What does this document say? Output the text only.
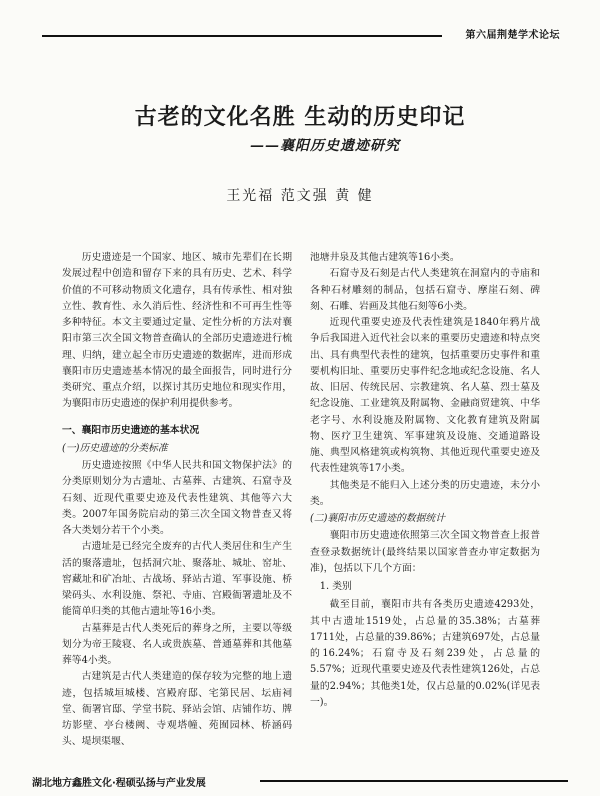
第六届荆楚学术论坛
古老的文化名胜 生动的历史印记
——襄阳历史遗迹研究
王光福 范文强 黄 健

历史遗迹是一个国家、地区、城市先辈们在长期发展过程中创造和留存下来的具有历史、艺术、科学价值的不可移动物质文化遗存，具有传承性、相对独立性、教育性、永久消后性、经济性和不可再生性等多种特征。本文主要通过定量、定性分析的方法对襄阳市第三次全国文物普查确认的全部历史遗迹进行梳理、归纳，建立起全市历史遗迹的数据库，进而形成襄阳市历史遗迹基本情况的最全面报告，同时进行分类研究、重点介绍，以探讨其历史地位和现实作用，为襄阳市历史遗迹的保护利用提供参考。

一、襄阳市历史遗迹的基本状况

(一)历史遗迹的分类标准

历史遗迹按照《中华人民共和国文物保护法》的分类原则划分为古遗址、古墓葬、古建筑、石窟寺及石刻、近现代重要史迹及代表性建筑、其他等六大类。2007年国务院启动的第三次全国文物普查又将各大类划分若干个小类。

古遗址是已经完全废弃的古代人类居住和生产生活的聚落遗址，包括洞穴址、聚落址、城址、窑址、窖藏址和矿冶址、古战场、驿站古道、军事设施、桥梁码头、水利设施、祭祀、寺庙、宫殿衙署遗址及不能简单归类的其他古遗址等16小类。

古墓葬是古代人类死后的葬身之所，主要以等级划分为帝王陵寝、名人或贵族墓、普通墓葬和其他墓葬等4小类。

古建筑是古代人类建造的保存较为完整的地上遗迹，包括城垣城楼、宫殿府邸、宅第民居、坛庙祠堂、衙署官邸、学堂书院、驿站会馆、店铺作坊、牌坊影壁、亭台楼阙、寺观塔幢、苑囿园林、桥涵码头、堤坝渠堰、

池塘井泉及其他古建筑等16小类。

石窟寺及石刻是古代人类建筑在洞窟内的寺庙和各种石材雕刻的制品，包括石窟寺、摩崖石刻、碑刻、石雕、岩画及其他石刻等6小类。

近现代重要史迹及代表性建筑是1840年鸦片战争后我国进入近代社会以来的重要历史遗迹和特点突出、具有典型代表性的建筑，包括重要历史事件和重要机构旧址、重要历史事件纪念地或纪念设施、名人故、旧居、传统民居、宗教建筑、名人墓、烈士墓及纪念设施、工业建筑及附属物、金融商贸建筑、中华老字号、水利设施及附属物、文化教育建筑及附属物、医疗卫生建筑、军事建筑及设施、交通道路设施、典型风格建筑或构筑物、其他近现代重要史迹及代表性建筑等17小类。

其他类是不能归入上述分类的历史遗迹，未分小类。

(二)襄阳市历史遗迹的数据统计

襄阳市历史遗迹依照第三次全国文物普查上报普查登录数据统计(最终结果以国家普查办审定数据为准)，包括以下几个方面：

1. 类别

截至目前，襄阳市共有各类历史遗迹4293处，其中古遗址1519处，占总量的35.38%；古墓葬1711处，占总量的39.86%；古建筑697处，占总量的16.24%；石窟寺及石刻239处，占总量的5.57%；近现代重要史迹及代表性建筑126处，占总量的2.94%；其他类1处，仅占总量的0.02%(详见表一)。

湖北地方鑫胜文化·程硕弘扬与产业发展
